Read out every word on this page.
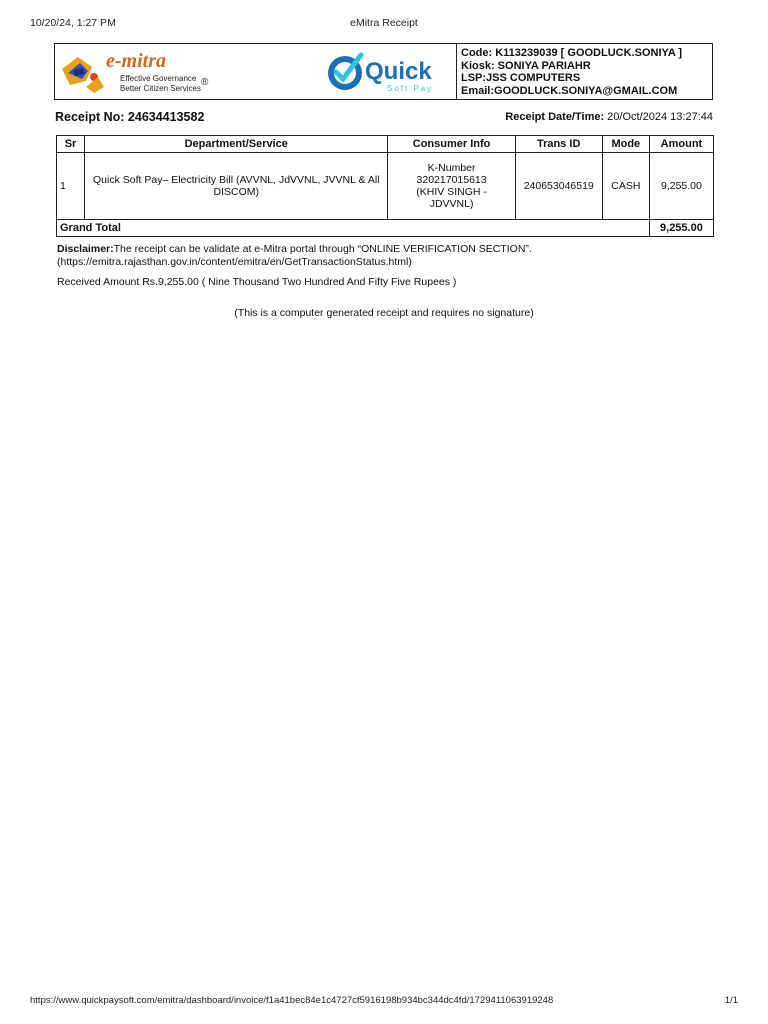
10/20/24, 1:27 PM	eMitra Receipt
e-mitra
Effective Governance
Better Citizen Services
®	Quick
Soft Pay
Code: K113239039 [ GOODLUCK.SONIYA ]
Kiosk: SONIYA PARIAHR
LSP:JSS COMPUTERS
Email:GOODLUCK.SONIYA@GMAIL.COM
Receipt No: 24634413582	Receipt Date/Time: 20/Oct/2024 13:27:44
Sr	Department/Service	Consumer Info	Trans ID	Mode	Amount
1	Quick Soft Pay– Electricity Bill (AVVNL, JdVVNL, JVVNL & All DISCOM)	K-Number
320217015613
(KHIV SINGH -
JDVVNL)	240653046519	CASH	9,255.00
Grand Total					9,255.00
Disclaimer:The receipt can be validate at e-Mitra portal through “ONLINE VERIFICATION SECTION”.
(https://emitra.rajasthan.gov.in/content/emitra/en/GetTransactionStatus.html)
Received Amount Rs.9,255.00 ( Nine Thousand Two Hundred And Fifty Five Rupees )
(This is a computer generated receipt and requires no signature)
https://www.quickpaysoft.com/emitra/dashboard/invoice/f1a41bec84e1c4727cf5916198b934bc344dc4fd/1729411063919248	1/1
